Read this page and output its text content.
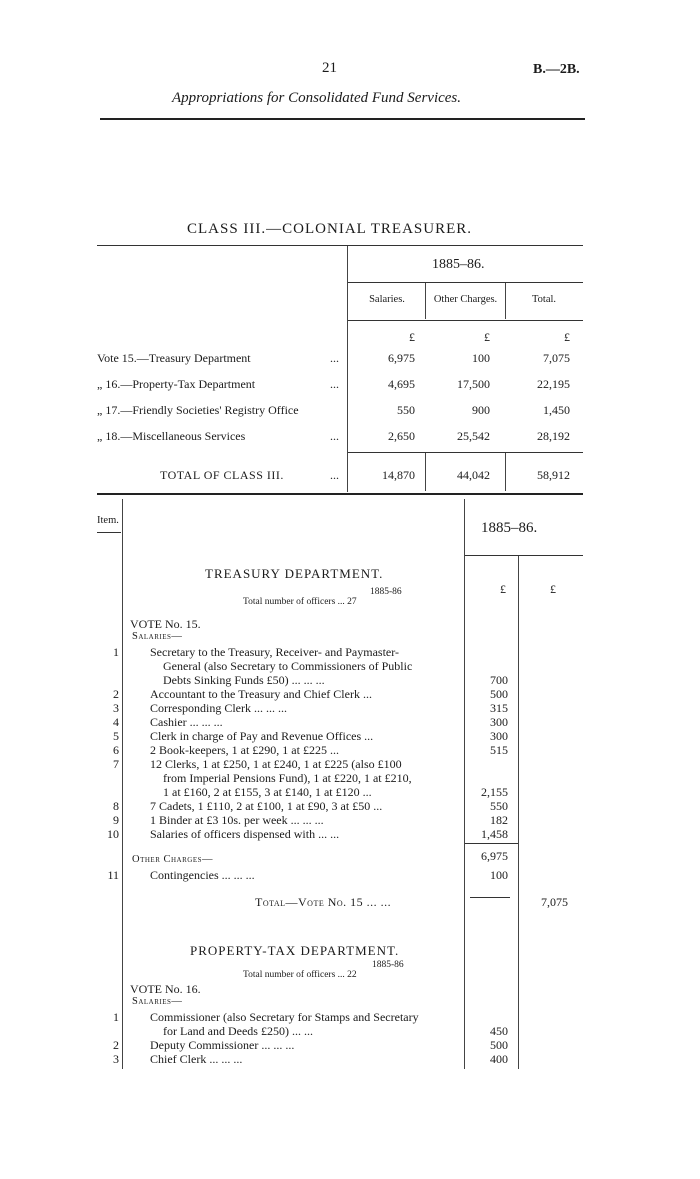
21	B.—2B.
Appropriations for Consolidated Fund Services.
CLASS III.—COLONIAL TREASURER.
1885–86.
Salaries.	Other Charges.	Total.
£	£	£
Vote 15.—Treasury Department	...	6,975	100	7,075
„ 16.—Property-Tax Department	...	4,695	17,500	22,195
„ 17.—Friendly Societies' Registry Office	550	900	1,450
„ 18.—Miscellaneous Services	...	2,650	25,542	28,192
TOTAL OF CLASS III.	...	14,870	44,042	58,912
Item.	1885–86.
TREASURY DEPARTMENT.
£	£
1885-86
Total number of officers ... 27
VOTE No. 15.
Salaries—
1	Secretary to the Treasury, Receiver- and Paymaster-
General (also Secretary to Commissioners of Public
Debts Sinking Funds £50) ... ... ...	700
2	Accountant to the Treasury and Chief Clerk ...	500
3	Corresponding Clerk ... ... ...	315
4	Cashier ... ... ...	300
5	Clerk in charge of Pay and Revenue Offices ...	300
6	2 Book-keepers, 1 at £290, 1 at £225 ...	515
7	12 Clerks, 1 at £250, 1 at £240, 1 at £225 (also £100
from Imperial Pensions Fund), 1 at £220, 1 at £210,
1 at £160, 2 at £155, 3 at £140, 1 at £120 ...	2,155
8	7 Cadets, 1 £110, 2 at £100, 1 at £90, 3 at £50 ...	550
9	1 Binder at £3 10s. per week ... ... ...	182
10	Salaries of officers dispensed with ... ...	1,458
6,975
Other Charges—
11	Contingencies ... ... ...	100
Total—Vote No. 15 ... ...	7,075
PROPERTY-TAX DEPARTMENT.
1885-86
Total number of officers ... 22
VOTE No. 16.
Salaries—
1	Commissioner (also Secretary for Stamps and Secretary
for Land and Deeds £250) ... ...	450
2	Deputy Commissioner ... ... ...	500
3	Chief Clerk ... ... ...	400
